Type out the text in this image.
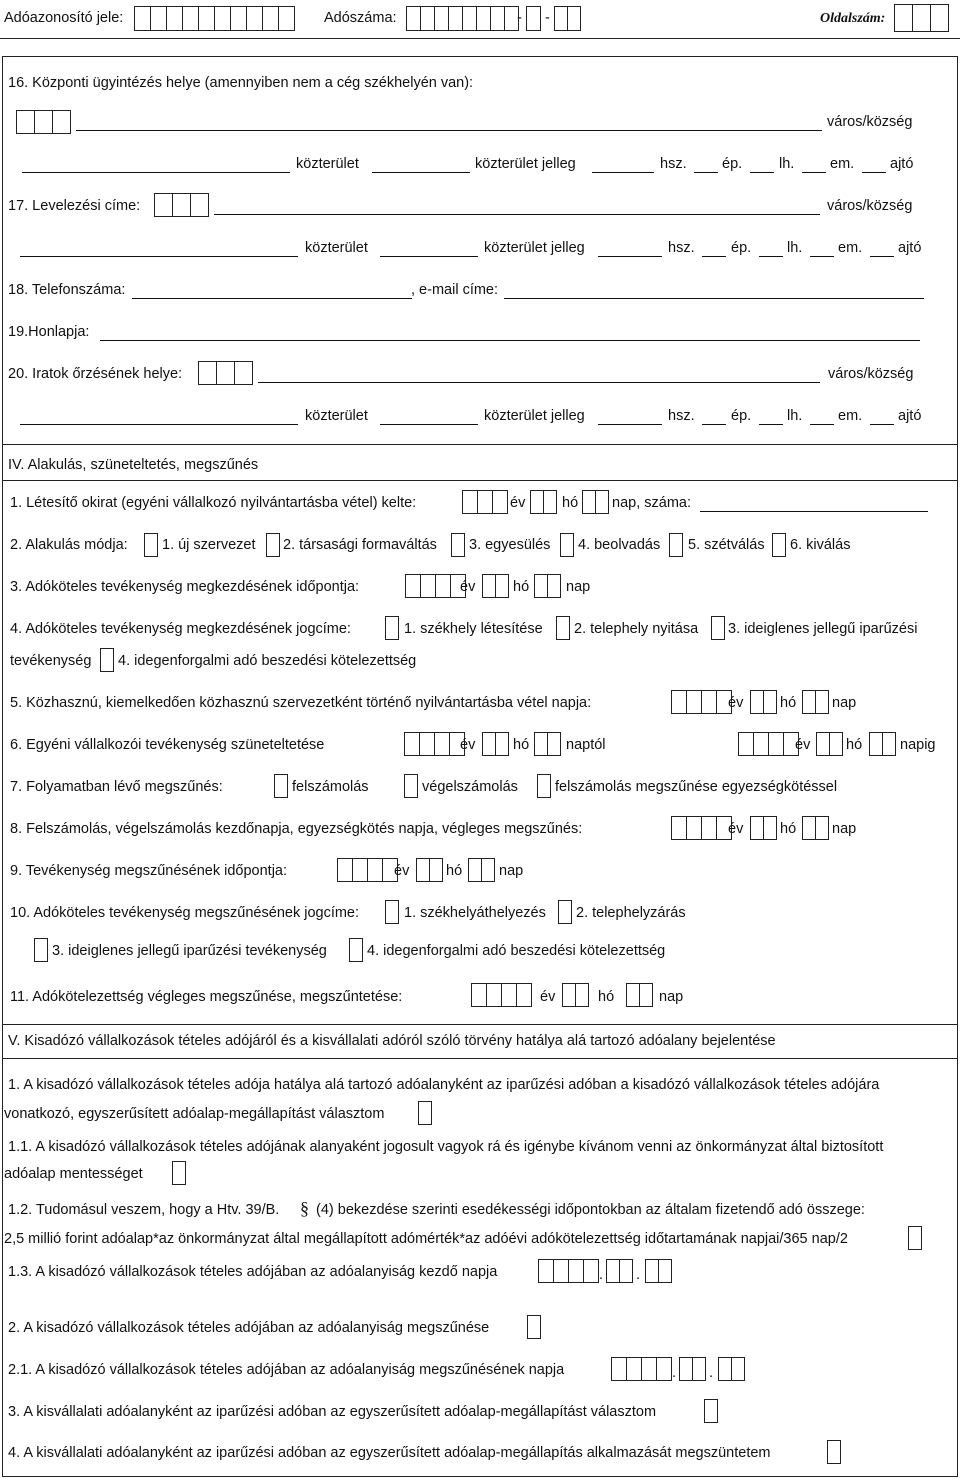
Adóazonosító jele:	Adószáma:	- -	Oldalszám:
16. Központi ügyintézés helye (amennyiben nem a cég székhelyén van):
város/község
közterület	közterület jelleg	hsz. ép.	lh. em. ajtó
17. Levelezési címe:	város/község
közterület	közterület jelleg	hsz.	ép. lh. em. ajtó
18. Telefonszáma:	, e-mail címe:
19.Honlapja:
20. Iratok őrzésének helye:	város/község
közterület	közterület jelleg	hsz.	ép. lh. em. ajtó
IV. Alakulás, szüneteltetés, megszűnés
1. Létesítő okirat (egyéni vállalkozó nyilvántartásba vétel) kelte:	év	hó nap, száma:
2. Alakulás módja: 1. új szervezet 2. társasági formaváltás 3. egyesülés 4. beolvadás 5. szétválás 6. kiválás
3. Adóköteles tevékenység megkezdésének időpontja:	év	hó	nap
4. Adóköteles tevékenység megkezdésének jogcíme:	1. székhely létesítése 2. telephely nyitása 3. ideiglenes jellegű iparűzési
tevékenység 4. idegenforgalmi adó beszedési kötelezettség
5. Közhasznú, kiemelkedően közhasznú szervezetként történő nyilvántartásba vétel napja:	év	hó nap
6. Egyéni vállalkozói tevékenység szüneteltetése	év	hó	naptól	év hó	napig
7. Folyamatban lévő megszűnés:	felszámolás	végelszámolás	felszámolás megszűnése egyezségkötéssel
8. Felszámolás, végelszámolás kezdőnapja, egyezségkötés napja, végleges megszűnés:	év	hó nap
9. Tevékenység megszűnésének időpontja:	év	hó	nap
10. Adóköteles tevékenység megszűnésének jogcíme:	1. székhelyáthelyezés 2. telephelyzárás
3. ideiglenes jellegű iparűzési tevékenység	4. idegenforgalmi adó beszedési kötelezettség
11. Adókötelezettség végleges megszűnése, megszűntetése:	év	hó	nap
V. Kisadózó vállalkozások tételes adójáról és a kisvállalati adóról szóló törvény hatálya alá tartozó adóalany bejelentése
1. A kisadózó vállalkozások tételes adója hatálya alá tartozó adóalanyként az iparűzési adóban a kisadózó vállalkozások tételes adójára
vonatkozó, egyszerűsített adóalap-megállapítást választom
1.1. A kisadózó vállalkozások tételes adójának alanyaként jogosult vagyok rá és igénybe kívánom venni az önkormányzat által biztosított
adóalap mentességet
1.2. Tudomásul veszem, hogy a Htv. 39/B. § (4) bekezdése szerinti esedékességi időpontokban az általam fizetendő adó összege:
2,5 millió forint adóalap*az önkormányzat által megállapított adómérték*az adóévi adókötelezettség időtartamának napjai/365 nap/2
1.3. A kisadózó vállalkozások tételes adójában az adóalanyiság kezdő napja	. .
2. A kisadózó vállalkozások tételes adójában az adóalanyiság megszűnése
2.1. A kisadózó vállalkozások tételes adójában az adóalanyiság megszűnésének napja	. .
3. A kisvállalati adóalanyként az iparűzési adóban az egyszerűsített adóalap-megállapítást választom
4. A kisvállalati adóalanyként az iparűzési adóban az egyszerűsített adóalap-megállapítás alkalmazását megszüntetem
